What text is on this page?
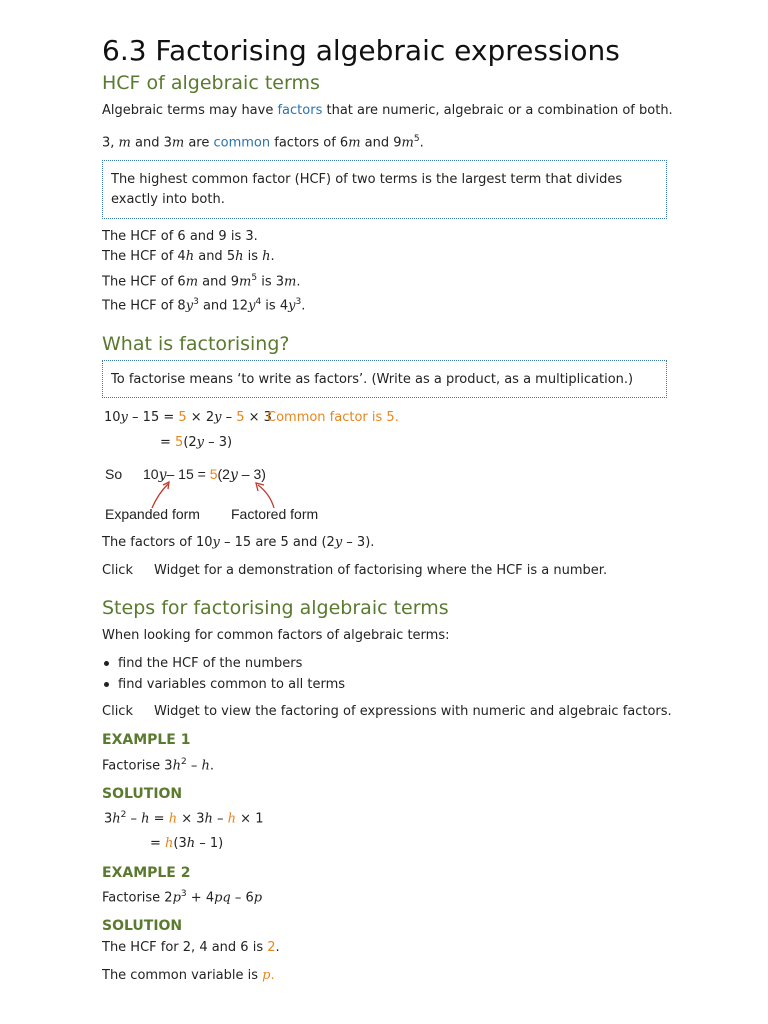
6.3 Factorising algebraic expressions
HCF of algebraic terms
Algebraic terms may have factors that are numeric, algebraic or a combination of both.
3, m and 3m are common factors of 6m and $9m^5$.

The highest common factor (HCF) of two terms is the largest term that divides exactly into both.

The HCF of 6 and 9 is 3.
The HCF of 4h and 5h is h.
The HCF of 6m and $9m^5$ is 3m.
The HCF of $8y^3$ and $12y^4$ is $4y^3$.
What is factorising?

To factorise means ‘to write as factors’. (Write as a product, as a multiplication.)

10y – 15 = 5 × 2y – 5 × 3
Common factor is 5.
= 5(2y – 3)
So 10y– 15 = 5(2y – 3)
Expanded form Factored form
The factors of 10y – 15 are 5 and (2y – 3).
Click Widget for a demonstration of factorising where the HCF is a number.
Steps for factorising algebraic terms
When looking for common factors of algebraic terms:
find the HCF of the numbers
find variables common to all terms
Click Widget to view the factoring of expressions with numeric and algebraic factors.
EXAMPLE 1
Factorise $3h^2$ – h.
SOLUTION
$3h^2 - h = h \times 3h - h \times 1$
= h(3h – 1)
EXAMPLE 2
Factorise $2p^3 + 4pq - 6p$
SOLUTION
The HCF for 2, 4 and 6 is 2.
The common variable is p.
